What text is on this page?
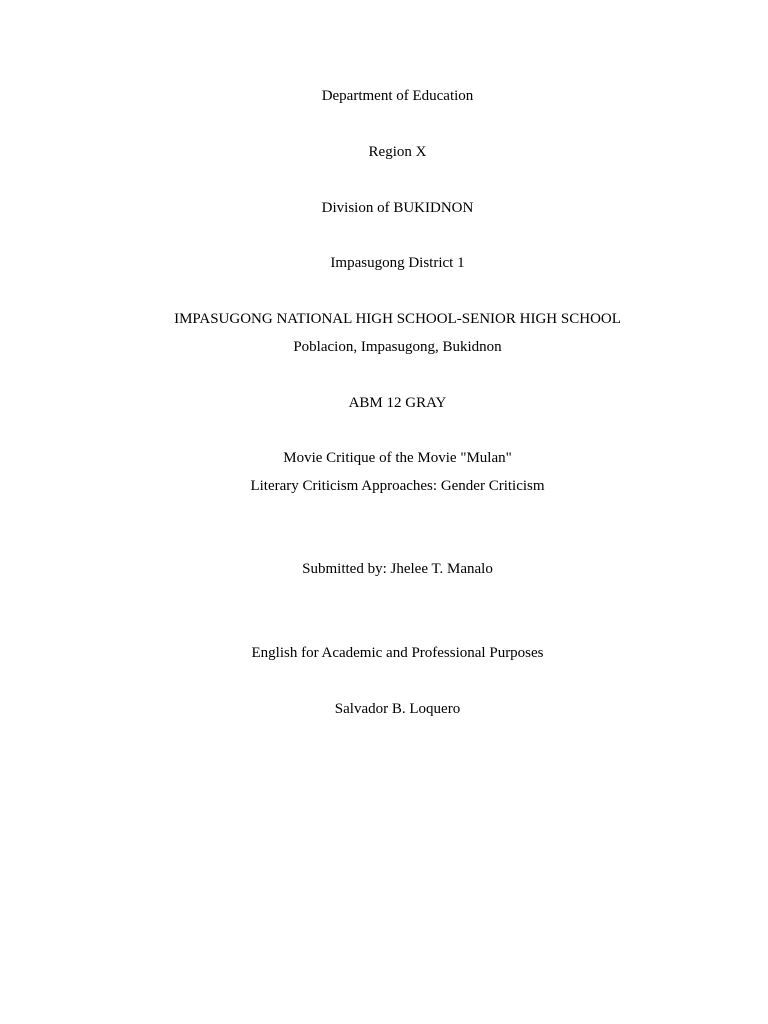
Department of Education
Region X
Division of BUKIDNON
Impasugong District 1
IMPASUGONG NATIONAL HIGH SCHOOL-SENIOR HIGH SCHOOL
Poblacion, Impasugong, Bukidnon
ABM 12 GRAY
Movie Critique of the Movie "Mulan"
Literary Criticism Approaches: Gender Criticism
Submitted by: Jhelee T. Manalo
English for Academic and Professional Purposes
Salvador B. Loquero
